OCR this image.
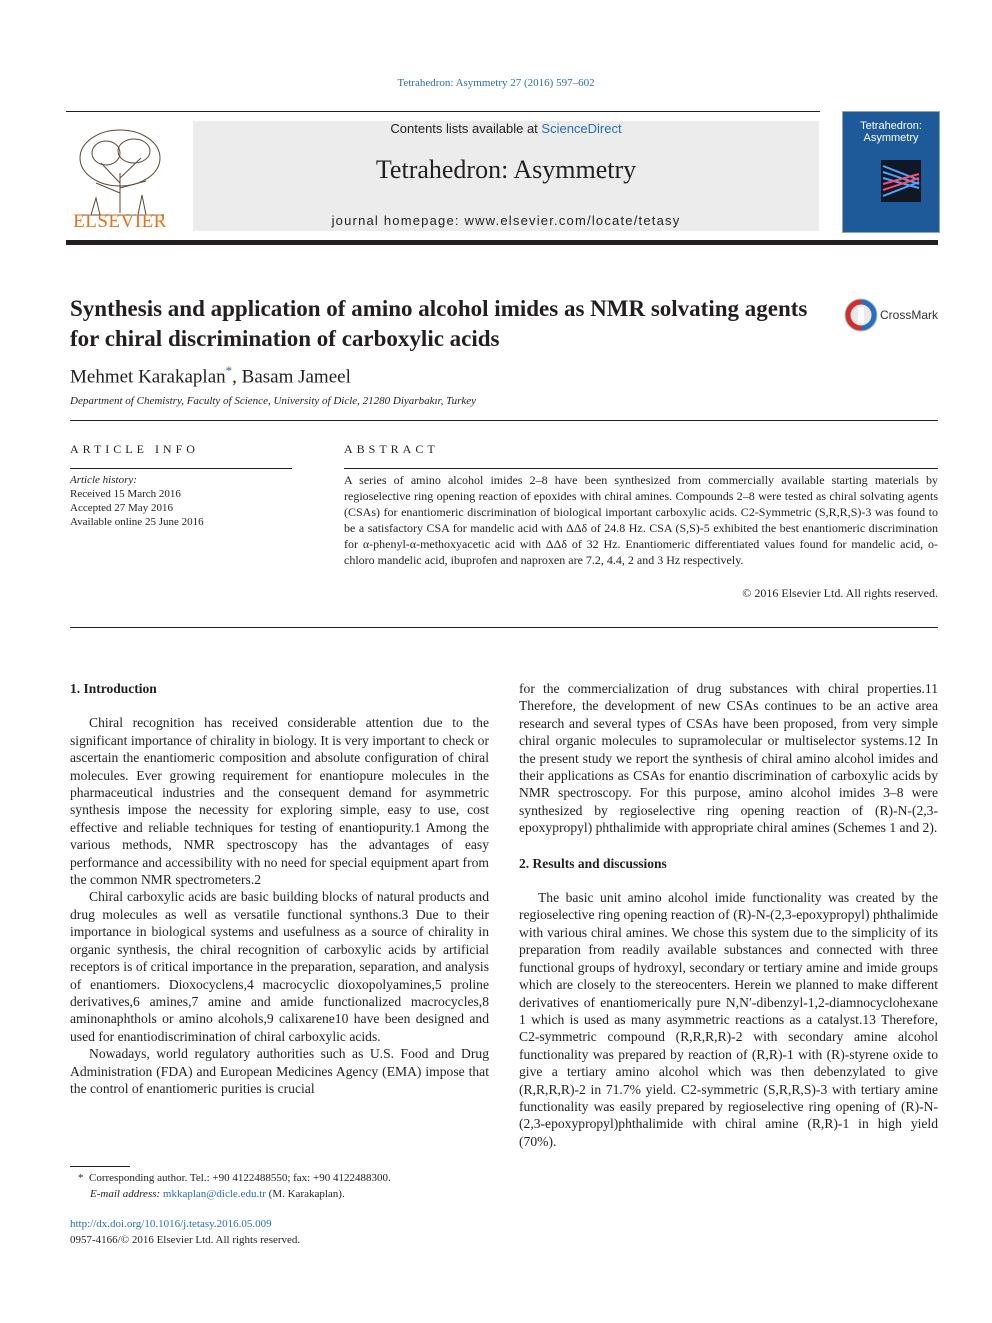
Tetrahedron: Asymmetry 27 (2016) 597–602
ELSEVIER
Contents lists available at ScienceDirect
Tetrahedron: Asymmetry
journal homepage: www.elsevier.com/locate/tetasy
Tetrahedron: Asymmetry
Synthesis and application of amino alcohol imides as NMR solvating agents for chiral discrimination of carboxylic acids
CrossMark
Mehmet Karakaplan*, Basam Jameel
Department of Chemistry, Faculty of Science, University of Dicle, 21280 Diyarbakır, Turkey
ARTICLE INFO
Article history:
Received 15 March 2016
Accepted 27 May 2016
Available online 25 June 2016
ABSTRACT
A series of amino alcohol imides 2–8 have been synthesized from commercially available starting materials by regioselective ring opening reaction of epoxides with chiral amines. Compounds 2–8 were tested as chiral solvating agents (CSAs) for enantiomeric discrimination of biological important carboxylic acids. C2-Symmetric (S,R,R,S)-3 was found to be a satisfactory CSA for mandelic acid with ΔΔδ of 24.8 Hz. CSA (S,S)-5 exhibited the best enantiomeric discrimination for α-phenyl-α-methoxyacetic acid with ΔΔδ of 32 Hz. Enantiomeric differentiated values found for mandelic acid, o-chloro mandelic acid, ibuprofen and naproxen are 7.2, 4.4, 2 and 3 Hz respectively.
© 2016 Elsevier Ltd. All rights reserved.
1. Introduction

Chiral recognition has received considerable attention due to the significant importance of chirality in biology. It is very important to check or ascertain the enantiomeric composition and absolute configuration of chiral molecules. Ever growing requirement for enantiopure molecules in the pharmaceutical industries and the consequent demand for asymmetric synthesis impose the necessity for exploring simple, easy to use, cost effective and reliable techniques for testing of enantiopurity.1 Among the various methods, NMR spectroscopy has the advantages of easy performance and accessibility with no need for special equipment apart from the common NMR spectrometers.2

Chiral carboxylic acids are basic building blocks of natural products and drug molecules as well as versatile functional synthons.3 Due to their importance in biological systems and usefulness as a source of chirality in organic synthesis, the chiral recognition of carboxylic acids by artificial receptors is of critical importance in the preparation, separation, and analysis of enantiomers. Dioxocyclens,4 macrocyclic dioxopolyamines,5 proline derivatives,6 amines,7 amine and amide functionalized macrocycles,8 aminonaphthols or amino alcohols,9 calixarene10 have been designed and used for enantiodiscrimination of chiral carboxylic acids.

Nowadays, world regulatory authorities such as U.S. Food and Drug Administration (FDA) and European Medicines Agency (EMA) impose that the control of enantiomeric purities is crucial

for the commercialization of drug substances with chiral properties.11 Therefore, the development of new CSAs continues to be an active area research and several types of CSAs have been proposed, from very simple chiral organic molecules to supramolecular or multiselector systems.12 In the present study we report the synthesis of chiral amino alcohol imides and their applications as CSAs for enantio discrimination of carboxylic acids by NMR spectroscopy. For this purpose, amino alcohol imides 3–8 were synthesized by regioselective ring opening reaction of (R)-N-(2,3-epoxypropyl) phthalimide with appropriate chiral amines (Schemes 1 and 2).

2. Results and discussions

The basic unit amino alcohol imide functionality was created by the regioselective ring opening reaction of (R)-N-(2,3-epoxypropyl) phthalimide with various chiral amines. We chose this system due to the simplicity of its preparation from readily available substances and connected with three functional groups of hydroxyl, secondary or tertiary amine and imide groups which are closely to the stereocenters. Herein we planned to make different derivatives of enantiomerically pure N,N′-dibenzyl-1,2-diamnocyclohexane 1 which is used as many asymmetric reactions as a catalyst.13 Therefore, C2-symmetric compound (R,R,R,R)-2 with secondary amine alcohol functionality was prepared by reaction of (R,R)-1 with (R)-styrene oxide to give a tertiary amino alcohol which was then debenzylated to give (R,R,R,R)-2 in 71.7% yield. C2-symmetric (S,R,R,S)-3 with tertiary amine functionality was easily prepared by regioselective ring opening of (R)-N-(2,3-epoxypropyl)phthalimide with chiral amine (R,R)-1 in high yield (70%).

* Corresponding author. Tel.: +90 4122488550; fax: +90 4122488300.
E-mail address: mkkaplan@dicle.edu.tr (M. Karakaplan).
http://dx.doi.org/10.1016/j.tetasy.2016.05.009
0957-4166/© 2016 Elsevier Ltd. All rights reserved.
